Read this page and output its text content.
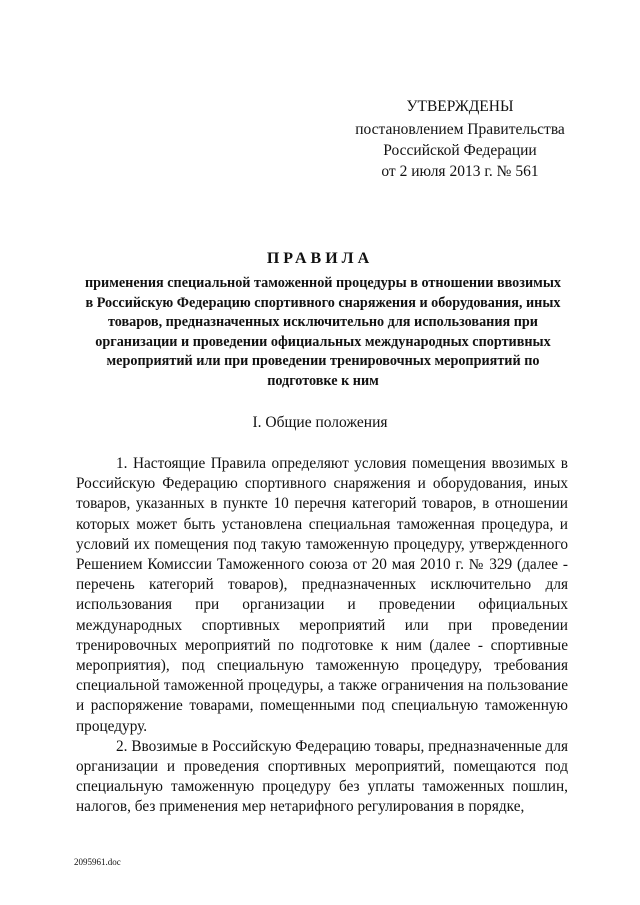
УТВЕРЖДЕНЫ
постановлением Правительства
Российской Федерации
от 2 июля 2013 г. № 561
ПРАВИЛА
применения специальной таможенной процедуры в отношении ввозимых в Российскую Федерацию спортивного снаряжения и оборудования, иных товаров, предназначенных исключительно для использования при организации и проведении официальных международных спортивных мероприятий или при проведении тренировочных мероприятий по подготовке к ним
I. Общие положения

1. Настоящие Правила определяют условия помещения ввозимых в Российскую Федерацию спортивного снаряжения и оборудования, иных товаров, указанных в пункте 10 перечня категорий товаров, в отношении которых может быть установлена специальная таможенная процедура, и условий их помещения под такую таможенную процедуру, утвержденного Решением Комиссии Таможенного союза от 20 мая 2010 г. № 329 (далее - перечень категорий товаров), предназначенных исключительно для использования при организации и проведении официальных международных спортивных мероприятий или при проведении тренировочных мероприятий по подготовке к ним (далее - спортивные мероприятия), под специальную таможенную процедуру, требования специальной таможенной процедуры, а также ограничения на пользование и распоряжение товарами, помещенными под специальную таможенную процедуру.

2. Ввозимые в Российскую Федерацию товары, предназначенные для организации и проведения спортивных мероприятий, помещаются под специальную таможенную процедуру без уплаты таможенных пошлин, налогов, без применения мер нетарифного регулирования в порядке,

2095961.doc
